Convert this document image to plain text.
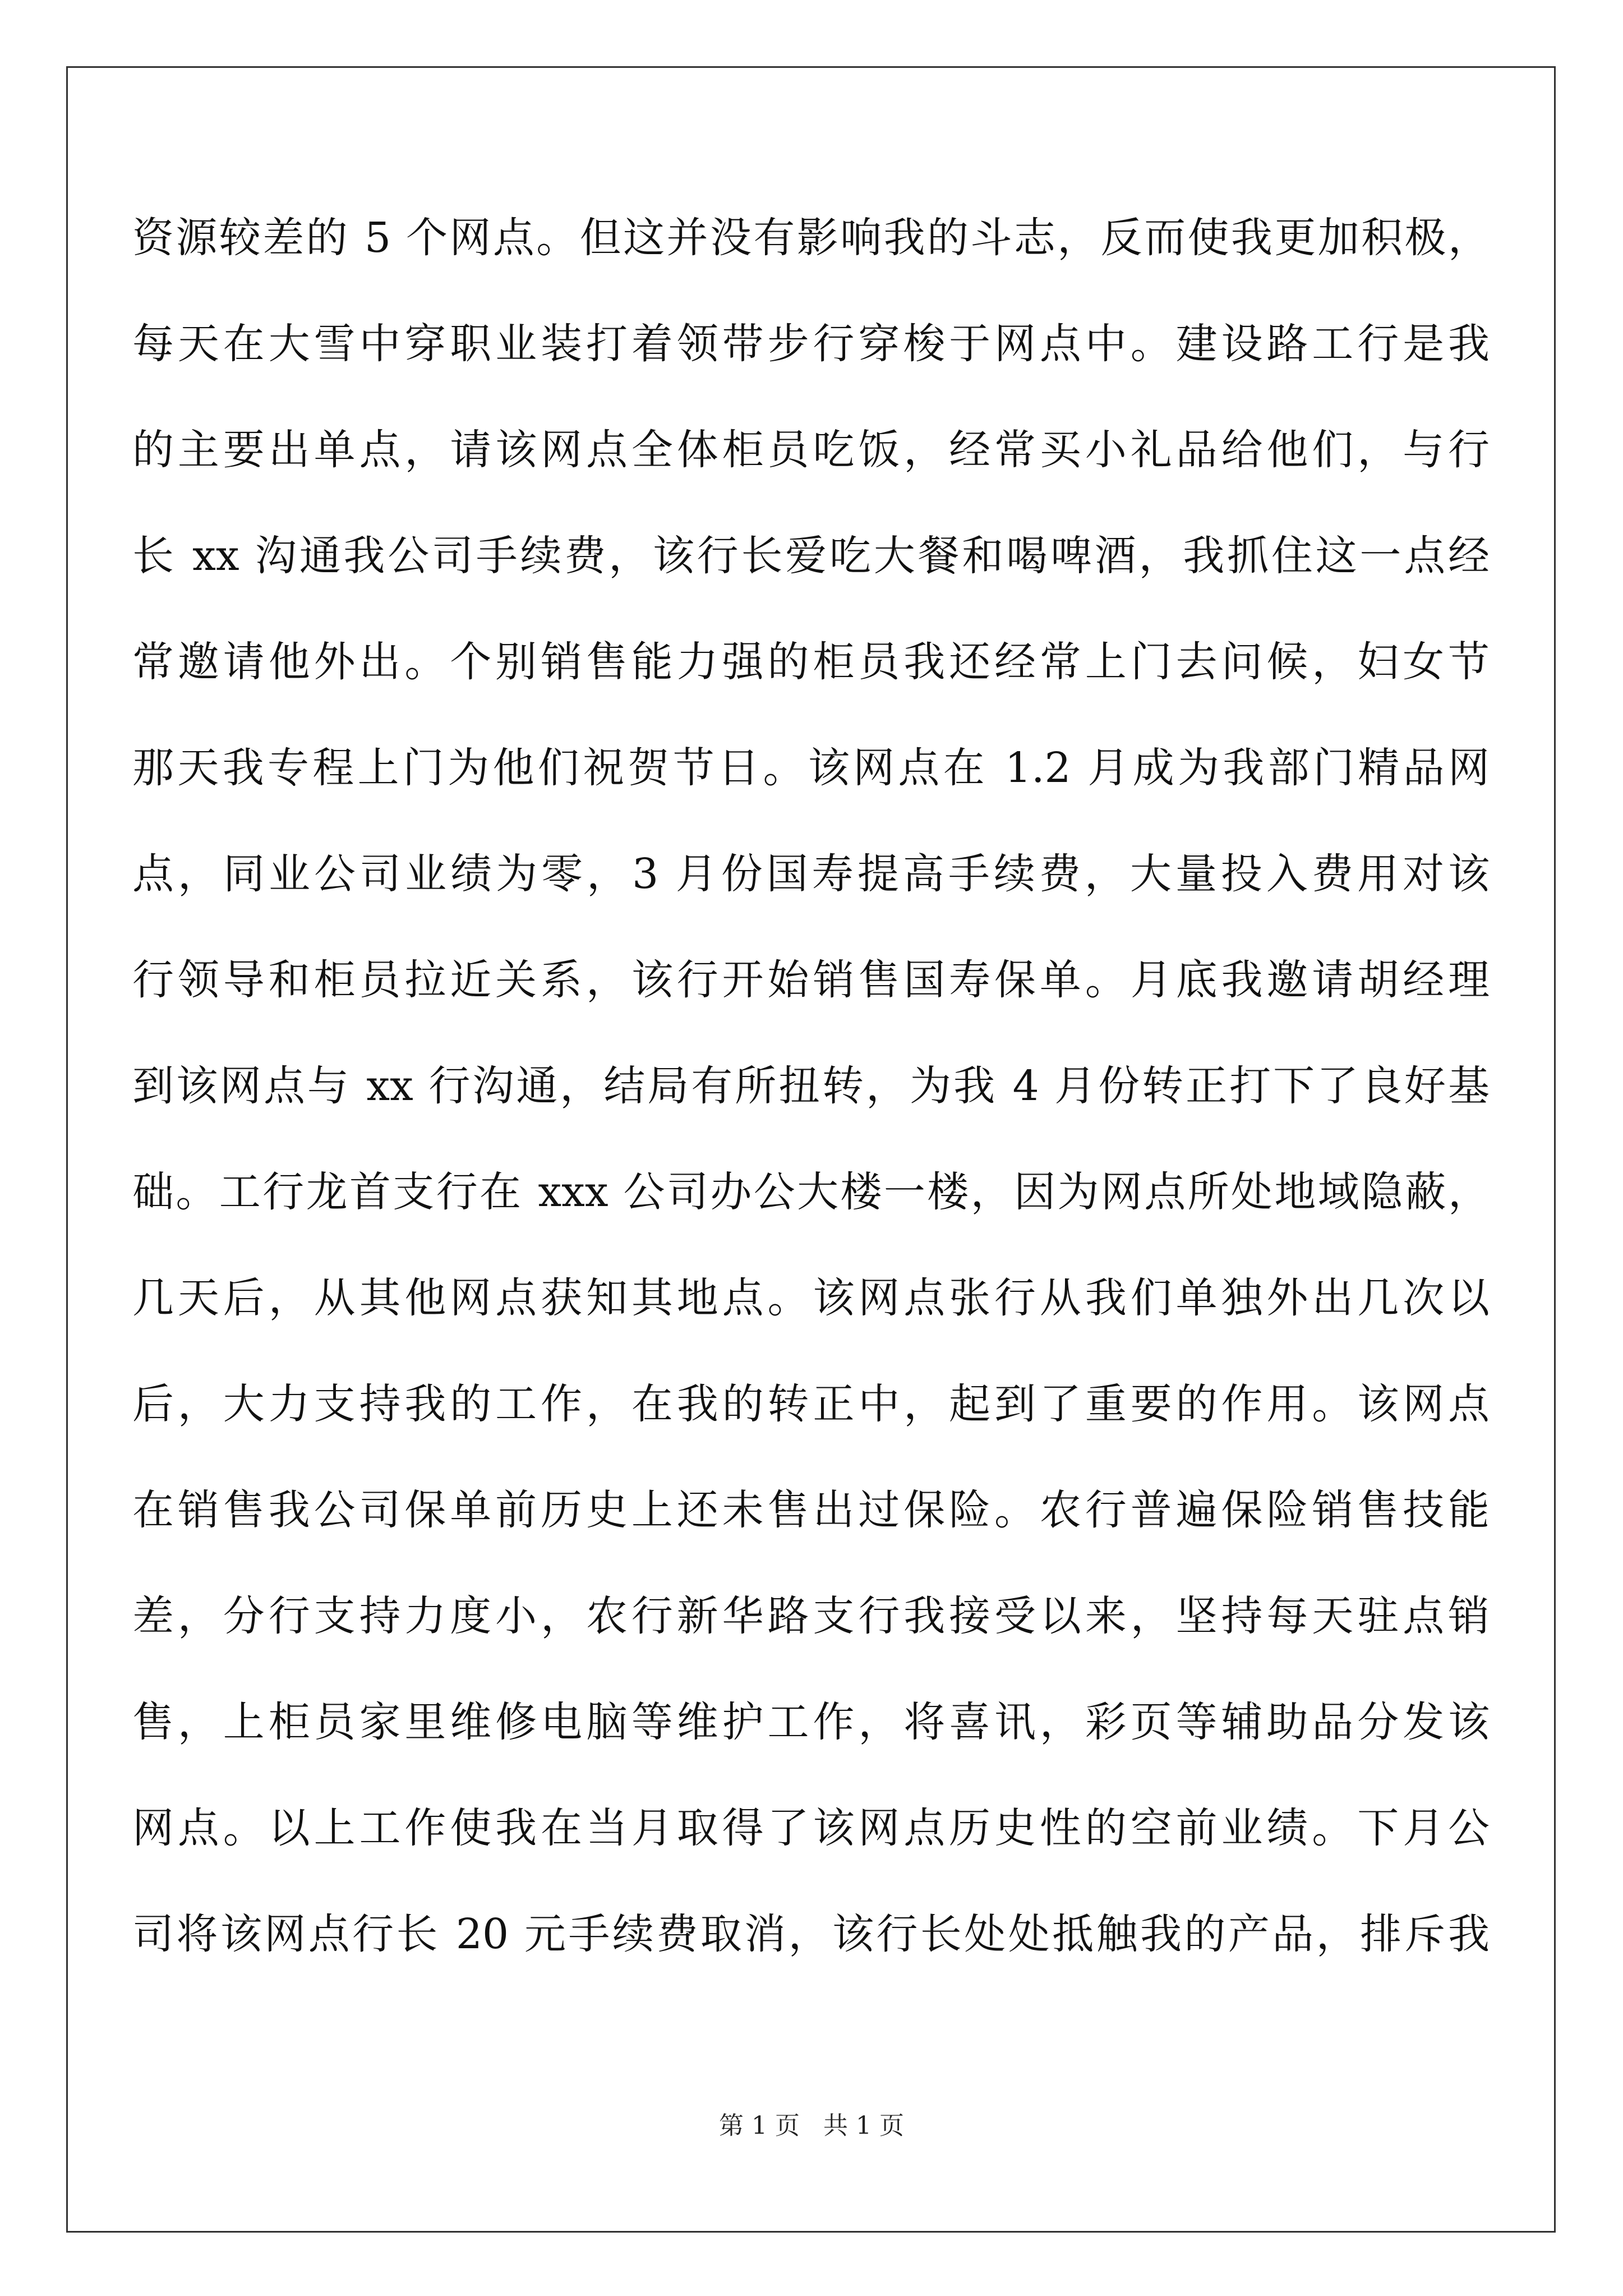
资源较差的 5 个网点。但这并没有影响我的斗志，反而使我更加积极，
每天在大雪中穿职业装打着领带步行穿梭于网点中。建设路工行是我
的主要出单点，请该网点全体柜员吃饭，经常买小礼品给他们，与行
长 xx 沟通我公司手续费，该行长爱吃大餐和喝啤酒，我抓住这一点经
常邀请他外出。个别销售能力强的柜员我还经常上门去问候，妇女节
那天我专程上门为他们祝贺节日。该网点在 1.2 月成为我部门精品网
点，同业公司业绩为零，3 月份国寿提高手续费，大量投入费用对该
行领导和柜员拉近关系，该行开始销售国寿保单。月底我邀请胡经理
到该网点与 xx 行沟通，结局有所扭转，为我 4 月份转正打下了良好基
础。工行龙首支行在 xxx 公司办公大楼一楼，因为网点所处地域隐蔽，
几天后，从其他网点获知其地点。该网点张行从我们单独外出几次以
后，大力支持我的工作，在我的转正中，起到了重要的作用。该网点
在销售我公司保单前历史上还未售出过保险。农行普遍保险销售技能
差，分行支持力度小，农行新华路支行我接受以来，坚持每天驻点销
售，上柜员家里维修电脑等维护工作，将喜讯，彩页等辅助品分发该
网点。以上工作使我在当月取得了该网点历史性的空前业绩。下月公
司将该网点行长 20 元手续费取消，该行长处处抵触我的产品，排斥我
第 1 页   共 1 页
